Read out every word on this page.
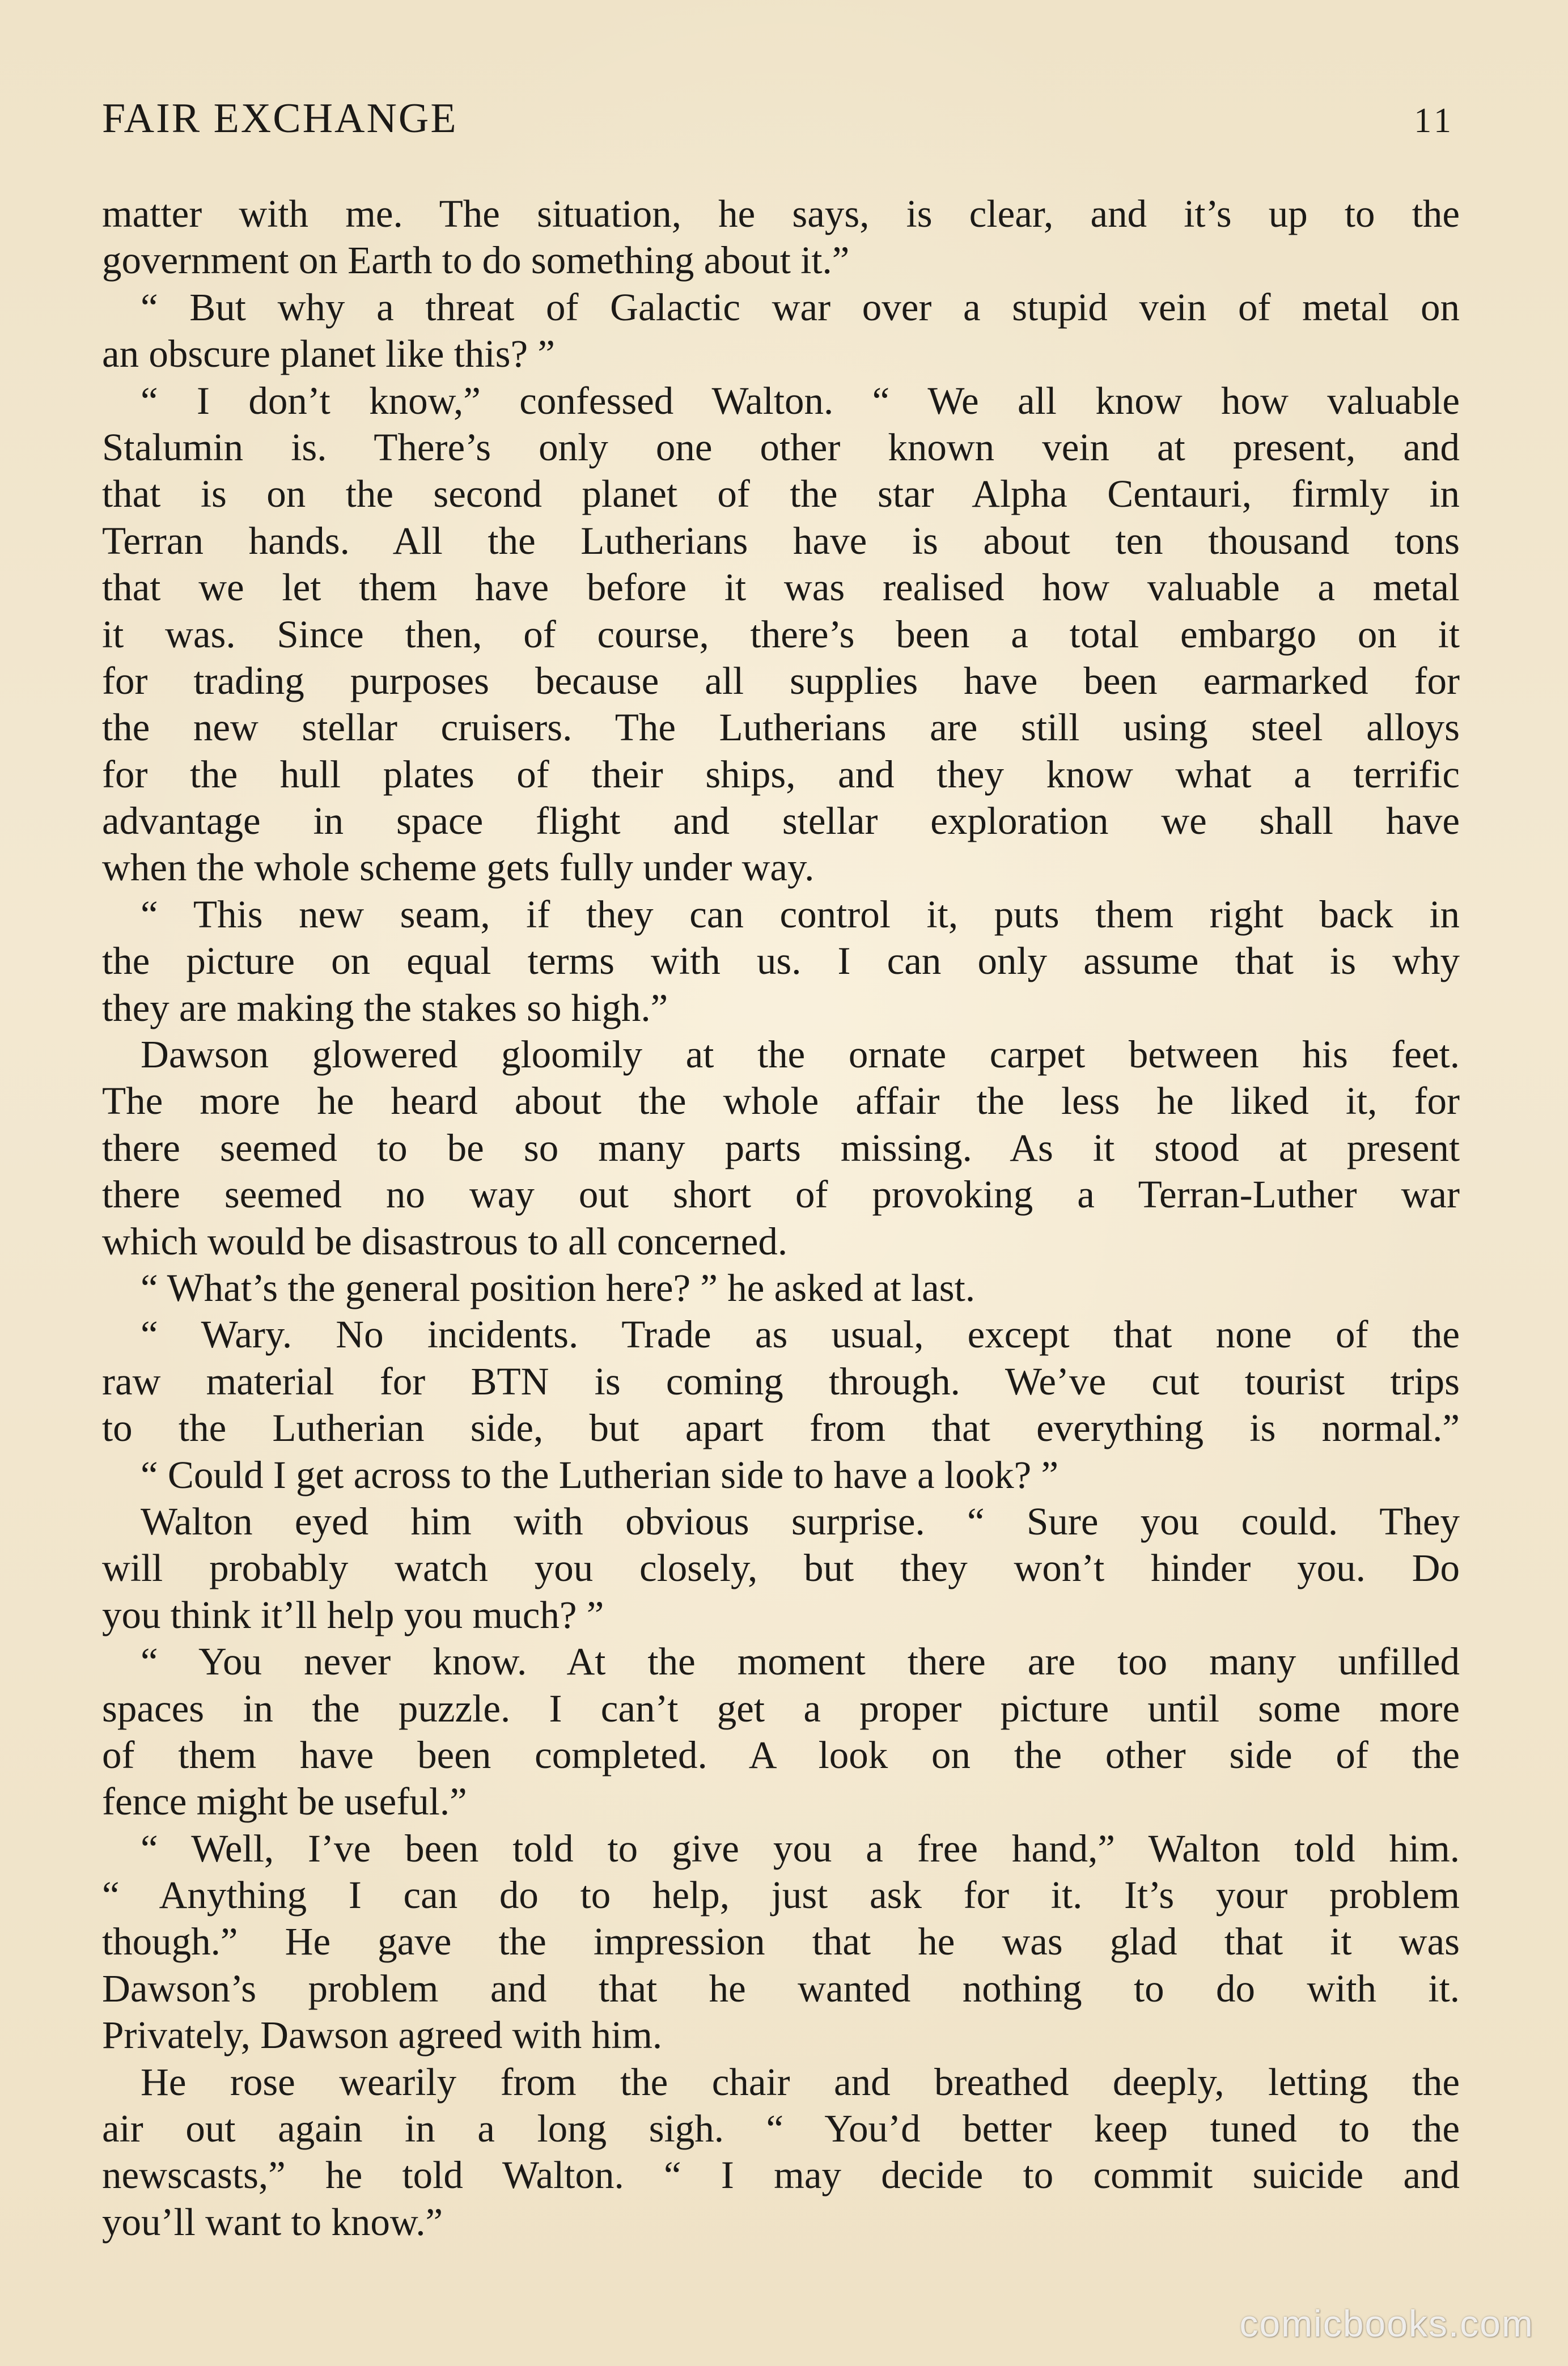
FAIR EXCHANGE	11
matter with me. The situation, he says, is clear, and it’s up to the
government on Earth to do something about it.”
“ But why a threat of Galactic war over a stupid vein of metal on
an obscure planet like this? ”
“ I don’t know,” confessed Walton. “ We all know how valuable
Stalumin is. There’s only one other known vein at present, and
that is on the second planet of the star Alpha Centauri, firmly in
Terran hands. All the Lutherians have is about ten thousand tons
that we let them have before it was realised how valuable a metal
it was. Since then, of course, there’s been a total embargo on it
for trading purposes because all supplies have been earmarked for
the new stellar cruisers. The Lutherians are still using steel alloys
for the hull plates of their ships, and they know what a terrific
advantage in space flight and stellar exploration we shall have
when the whole scheme gets fully under way.
“ This new seam, if they can control it, puts them right back in
the picture on equal terms with us. I can only assume that is why
they are making the stakes so high.”
Dawson glowered gloomily at the ornate carpet between his feet.
The more he heard about the whole affair the less he liked it, for
there seemed to be so many parts missing. As it stood at present
there seemed no way out short of provoking a Terran-Luther war
which would be disastrous to all concerned.
“ What’s the general position here? ” he asked at last.
“ Wary. No incidents. Trade as usual, except that none of the
raw material for BTN is coming through. We’ve cut tourist trips
to the Lutherian side, but apart from that everything is normal.”
“ Could I get across to the Lutherian side to have a look? ”
Walton eyed him with obvious surprise. “ Sure you could. They
will probably watch you closely, but they won’t hinder you. Do
you think it’ll help you much? ”
“ You never know. At the moment there are too many unfilled
spaces in the puzzle. I can’t get a proper picture until some more
of them have been completed. A look on the other side of the
fence might be useful.”
“ Well, I’ve been told to give you a free hand,” Walton told him.
“ Anything I can do to help, just ask for it. It’s your problem
though.” He gave the impression that he was glad that it was
Dawson’s problem and that he wanted nothing to do with it.
Privately, Dawson agreed with him.
He rose wearily from the chair and breathed deeply, letting the
air out again in a long sigh. “ You’d better keep tuned to the
newscasts,” he told Walton. “ I may decide to commit suicide and
you’ll want to know.”
comicbooks.com
